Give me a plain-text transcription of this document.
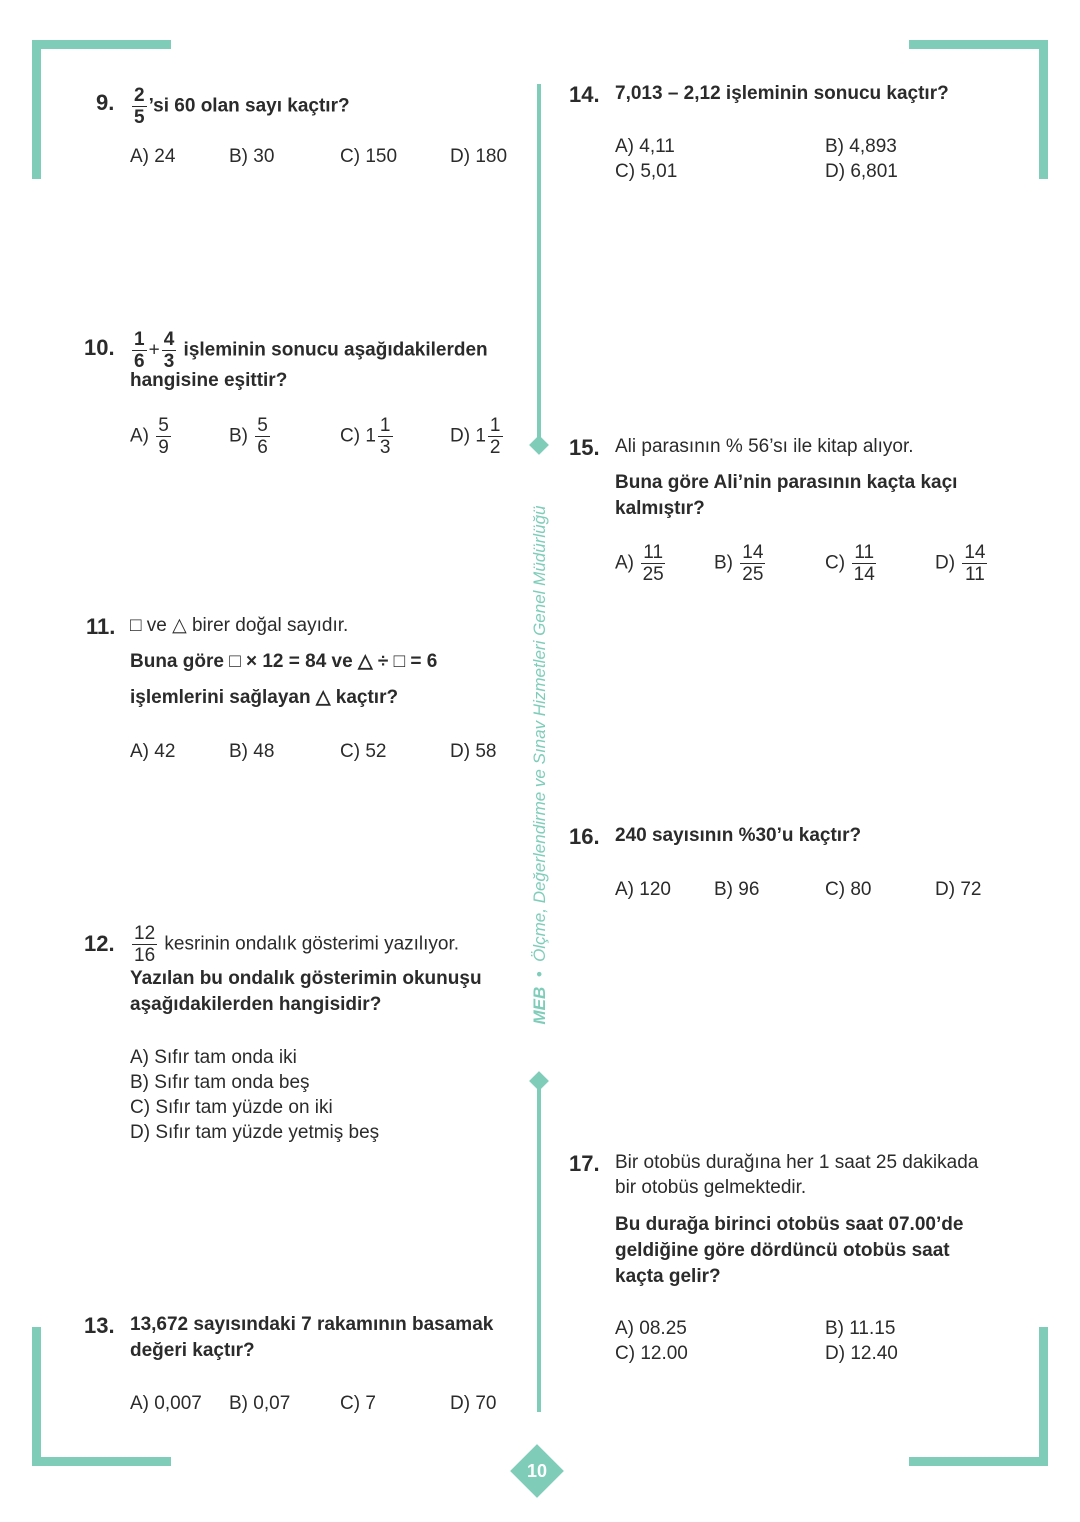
MEB  •  Ölçme, Değerlendirme ve Sınav Hizmetleri Genel Müdürlüğü
10
9. $\frac{2}{5}$ ’si 60 olan sayı kaçtır?
A) 24	B) 30	C) 150	D) 180
10. $\frac{1}{6} + \frac{4}{3}$ işleminin sonucu aşağıdakilerden
hangisine eşittir?
$A) \frac{5}{9}$	$B) \frac{5}{6}$	C) $1 \frac{1}{3}$	D) $1 \frac{1}{2}$
11. □ ve △ birer doğal sayıdır.
Buna göre □ × 12 = 84 ve △ ÷ □ = 6
işlemlerini sağlayan △ kaçtır?
A) 42	B) 48	C) 52	D) 58
12. $\frac{12}{16}$ kesrinin ondalık gösterimi yazılıyor.
Yazılan bu ondalık gösterimin okunuşu
aşağıdakilerden hangisidir?
A) Sıfır tam onda iki
B) Sıfır tam onda beş
C) Sıfır tam yüzde on iki
D) Sıfır tam yüzde yetmiş beş
13. 13,672 sayısındaki 7 rakamının basamak
değeri kaçtır?
A) 0,007 B) 0,07	C) 7	D) 70
14. 7,013 – 2,12 işleminin sonucu kaçtır?
A) 4,11	B) 4,893
C) 5,01	D) 6,801
15. Ali parasının % 56’sı ile kitap alıyor.
Buna göre Ali’nin parasının kaçta kaçı
kalmıştır?
$A) \frac{11}{25}$	$B) \frac{14}{25}$	$C) \frac{11}{14}$	$D) \frac{14}{11}$
16. 240 sayısının %30’u kaçtır?
A) 120 B) 96	C) 80	D) 72
17. Bir otobüs durağına her 1 saat 25 dakikada
bir otobüs gelmektedir.
Bu durağa birinci otobüs saat 07.00’de
geldiğine göre dördüncü otobüs saat
kaçta gelir?
A) 08.25	B) 11.15
C) 12.00	D) 12.40
